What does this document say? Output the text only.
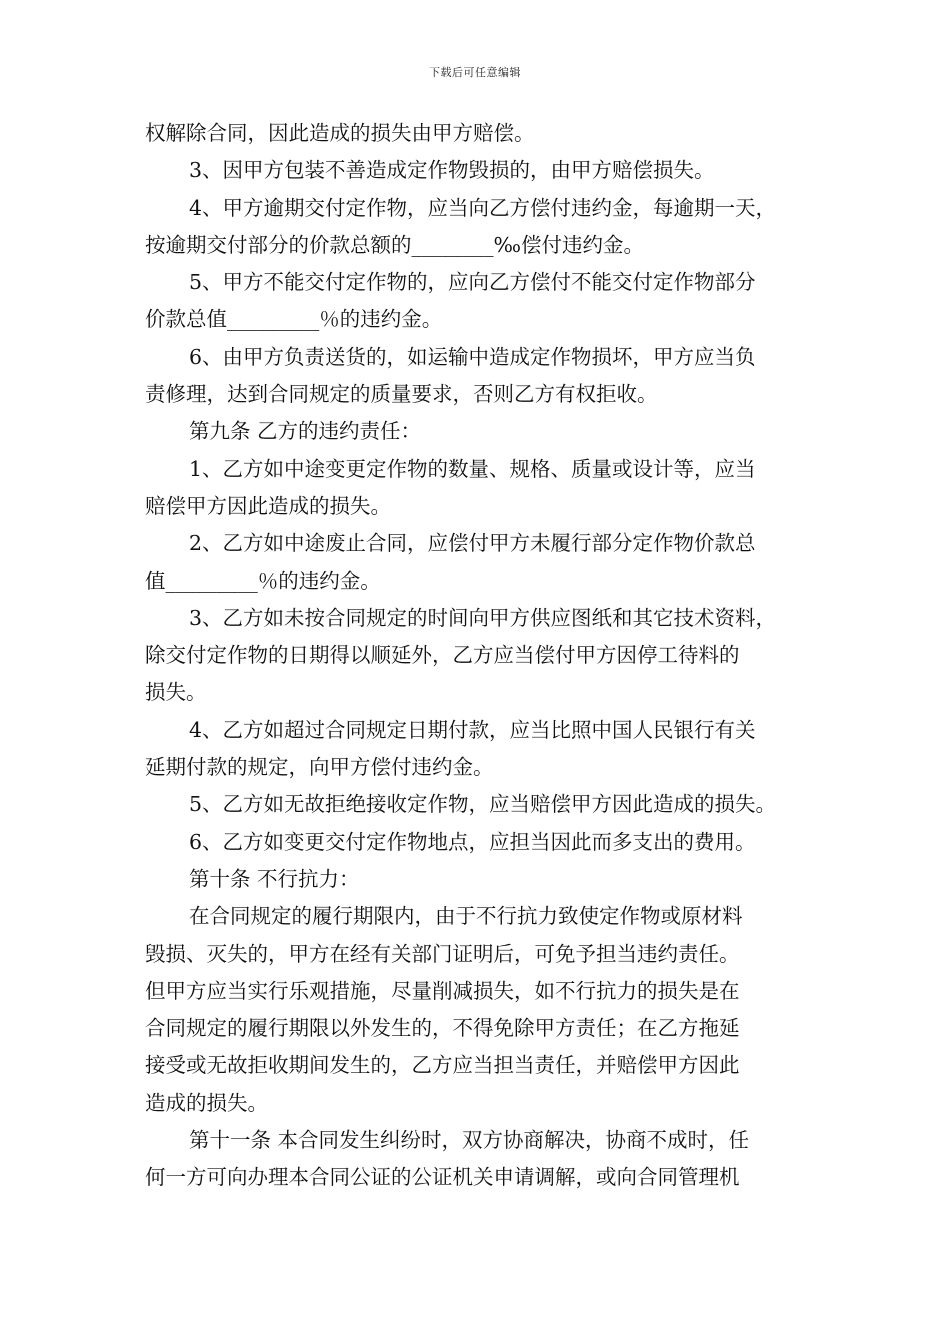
下载后可任意编辑
权解除合同，因此造成的损失由甲方赔偿。
3、因甲方包装不善造成定作物毁损的，由甲方赔偿损失。
4、甲方逾期交付定作物，应当向乙方偿付违约金，每逾期一天，
按逾期交付部分的价款总额的________‰偿付违约金。
5、甲方不能交付定作物的，应向乙方偿付不能交付定作物部分
价款总值_________％的违约金。
6、由甲方负责送货的，如运输中造成定作物损坏，甲方应当负
责修理，达到合同规定的质量要求，否则乙方有权拒收。
第九条 乙方的违约责任：
1、乙方如中途变更定作物的数量、规格、质量或设计等，应当
赔偿甲方因此造成的损失。
2、乙方如中途废止合同，应偿付甲方未履行部分定作物价款总
值_________％的违约金。
3、乙方如未按合同规定的时间向甲方供应图纸和其它技术资料，
除交付定作物的日期得以顺延外，乙方应当偿付甲方因停工待料的
损失。
4、乙方如超过合同规定日期付款，应当比照中国人民银行有关
延期付款的规定，向甲方偿付违约金。
5、乙方如无故拒绝接收定作物，应当赔偿甲方因此造成的损失。
6、乙方如变更交付定作物地点，应担当因此而多支出的费用。
第十条 不行抗力：
在合同规定的履行期限内，由于不行抗力致使定作物或原材料
毁损、灭失的，甲方在经有关部门证明后，可免予担当违约责任。
但甲方应当实行乐观措施，尽量削减损失，如不行抗力的损失是在
合同规定的履行期限以外发生的，不得免除甲方责任；在乙方拖延
接受或无故拒收期间发生的，乙方应当担当责任，并赔偿甲方因此
造成的损失。
第十一条 本合同发生纠纷时，双方协商解决，协商不成时，任
何一方可向办理本合同公证的公证机关申请调解，或向合同管理机
